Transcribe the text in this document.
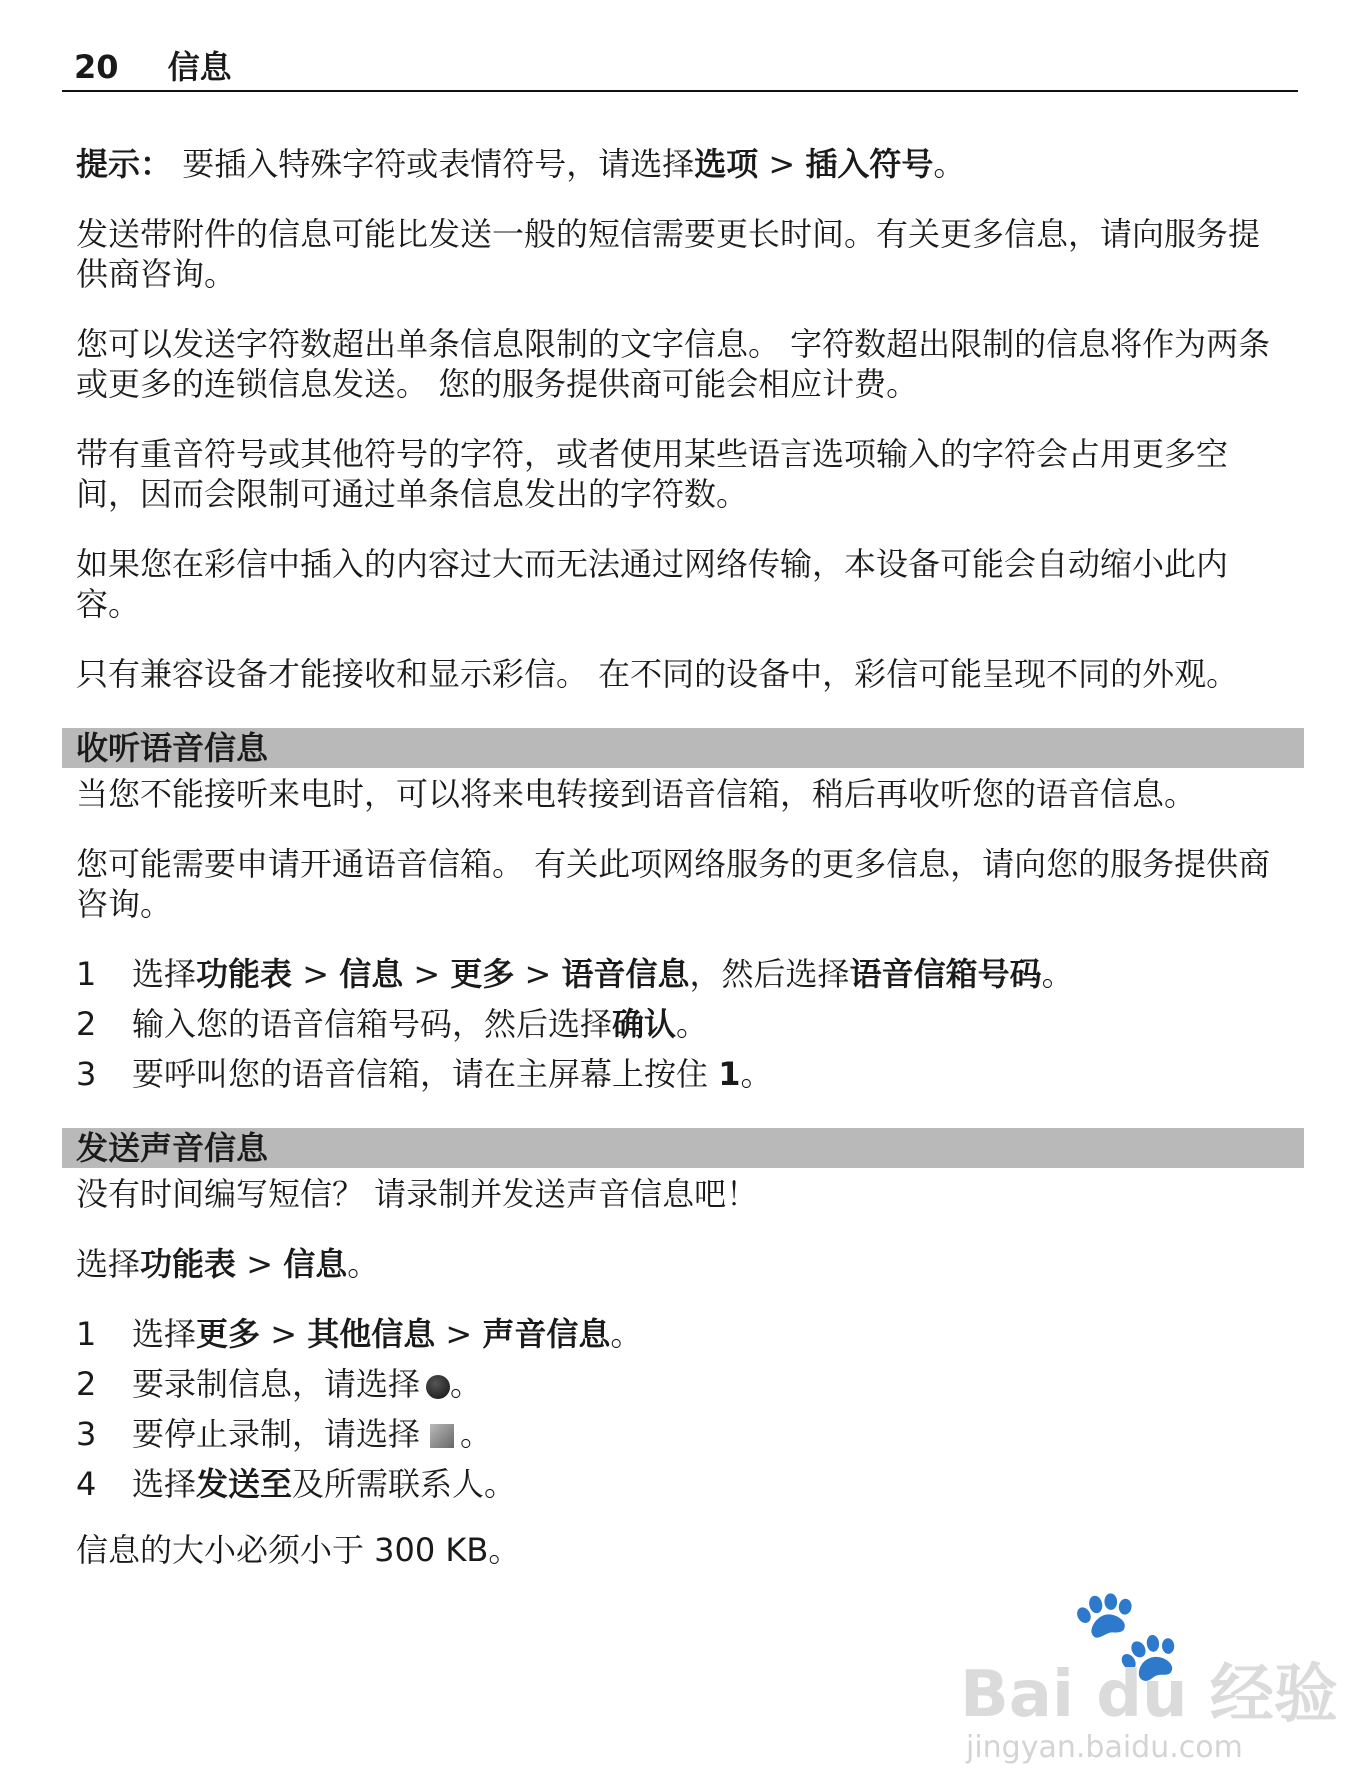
20 信息

提示： 要插入特殊字符或表情符号，请选择选项 > 插入符号。

发送带附件的信息可能比发送一般的短信需要更长时间。有关更多信息，请向服务提供商咨询。

您可以发送字符数超出单条信息限制的文字信息。 字符数超出限制的信息将作为两条或更多的连锁信息发送。 您的服务提供商可能会相应计费。

带有重音符号或其他符号的字符，或者使用某些语言选项输入的字符会占用更多空间，因而会限制可通过单条信息发出的字符数。

如果您在彩信中插入的内容过大而无法通过网络传输，本设备可能会自动缩小此内容。

只有兼容设备才能接收和显示彩信。 在不同的设备中，彩信可能呈现不同的外观。

收听语音信息

当您不能接听来电时，可以将来电转接到语音信箱，稍后再收听您的语音信息。

您可能需要申请开通语音信箱。 有关此项网络服务的更多信息，请向您的服务提供商咨询。

1	选择功能表 > 信息 > 更多 > 语音信息，然后选择语音信箱号码。
2	输入您的语音信箱号码，然后选择确认。
3	要呼叫您的语音信箱，请在主屏幕上按住 1。
发送声音信息

没有时间编写短信？ 请录制并发送声音信息吧！

选择功能表 > 信息。

1	选择更多 > 其他信息 > 声音信息。
2	要录制信息，请选择 。
3	要停止录制，请选择 。
4	选择发送至及所需联系人。

信息的大小必须小于 300 KB。

🐾
Bai du 经验
jingyan.baidu.com
